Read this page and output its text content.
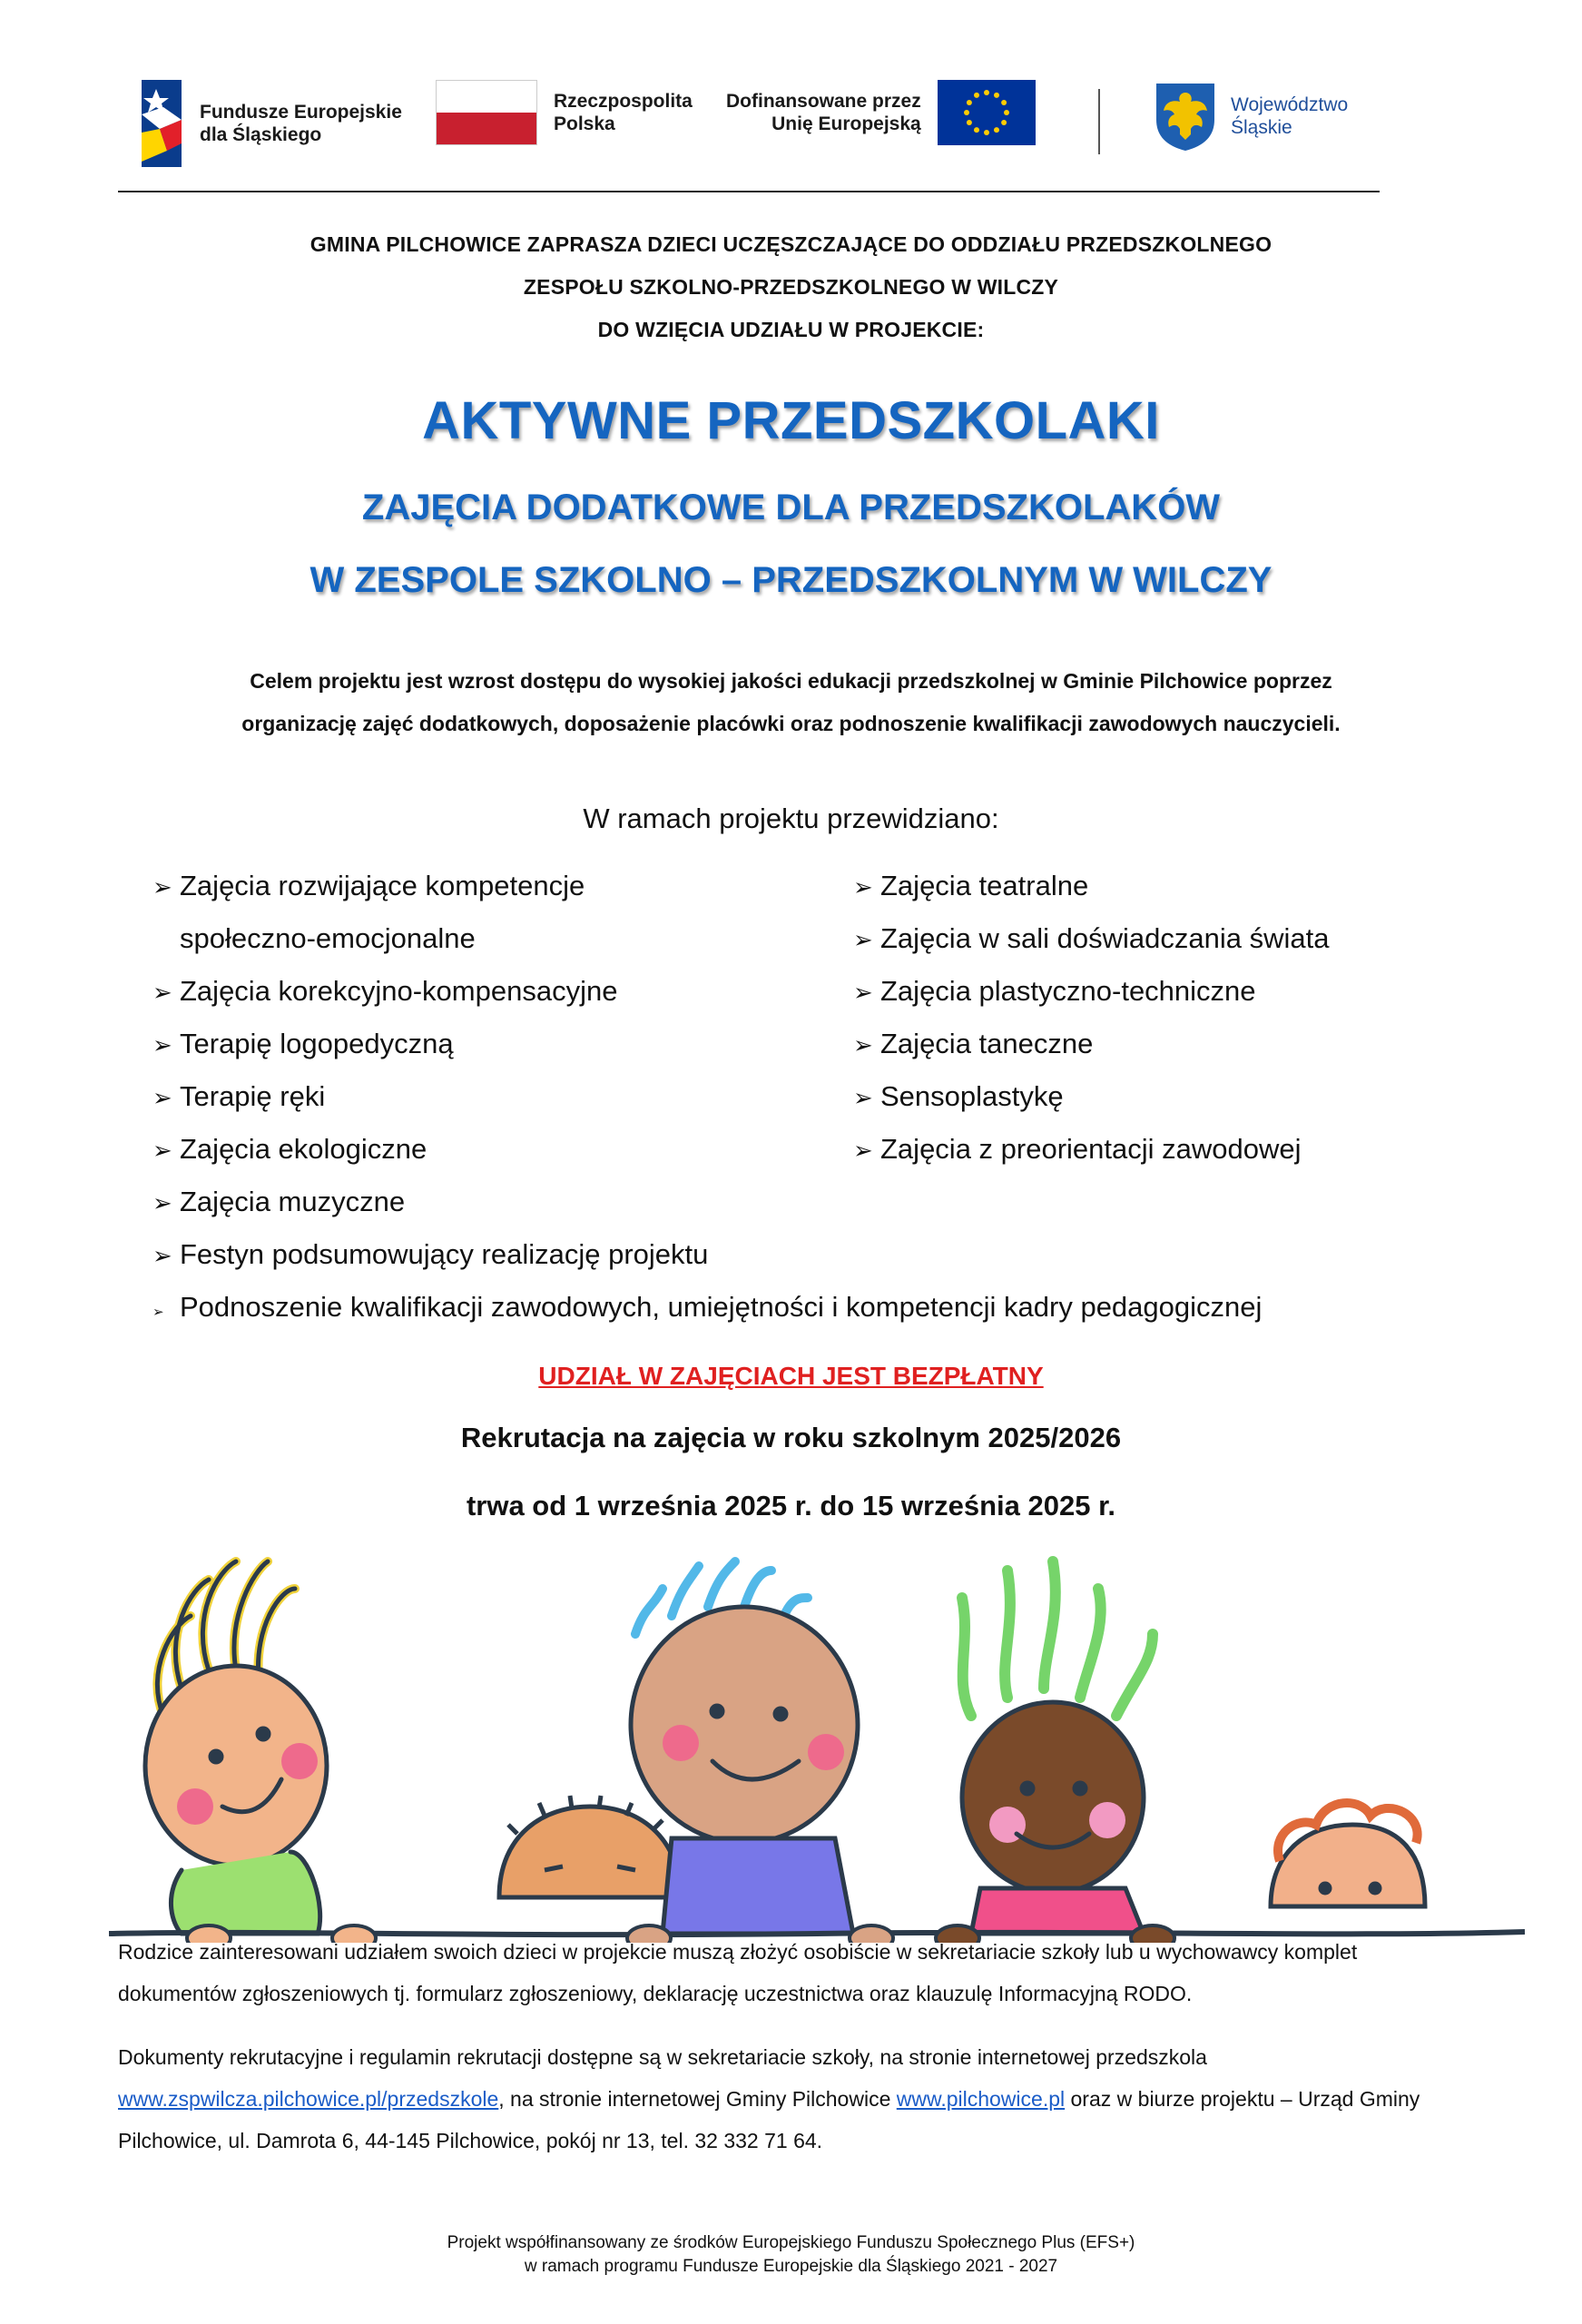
Fundusze Europejskie
dla Śląskiego
Rzeczpospolita
Polska
Dofinansowane przez
Unię Europejską
Województwo
Śląskie
GMINA PILCHOWICE ZAPRASZA DZIECI UCZĘSZCZAJĄCE DO ODDZIAŁU PRZEDSZKOLNEGO
ZESPOŁU SZKOLNO-PRZEDSZKOLNEGO W WILCZY
DO WZIĘCIA UDZIAŁU W PROJEKCIE:
AKTYWNE PRZEDSZKOLAKI
ZAJĘCIA DODATKOWE DLA PRZEDSZKOLAKÓW
W ZESPOLE SZKOLNO – PRZEDSZKOLNYM W WILCZY
Celem projektu jest wzrost dostępu do wysokiej jakości edukacji przedszkolnej w Gminie Pilchowice poprzez
organizację zajęć dodatkowych, doposażenie placówki oraz podnoszenie kwalifikacji zawodowych nauczycieli.
W ramach projektu przewidziano:
➢ Zajęcia rozwijające kompetencje
społeczno-emocjonalne
➢ Zajęcia korekcyjno-kompensacyjne
➢ Terapię logopedyczną
➢ Terapię ręki
➢ Zajęcia ekologiczne
➢ Zajęcia muzyczne
➢ Festyn podsumowujący realizację projektu
➢ Podnoszenie kwalifikacji zawodowych, umiejętności i kompetencji kadry pedagogicznej
➢ Zajęcia teatralne
➢ Zajęcia w sali doświadczania świata
➢ Zajęcia plastyczno-techniczne
➢ Zajęcia taneczne
➢ Sensoplastykę
➢ Zajęcia z preorientacji zawodowej
UDZIAŁ W ZAJĘCIACH JEST BEZPŁATNY
Rekrutacja na zajęcia w roku szkolnym 2025/2026
trwa od 1 września 2025 r. do 15 września 2025 r.
Rodzice zainteresowani udziałem swoich dzieci w projekcie muszą złożyć osobiście w sekretariacie szkoły lub u wychowawcy komplet dokumentów zgłoszeniowych tj. formularz zgłoszeniowy, deklarację uczestnictwa oraz klauzulę Informacyjną RODO.
Dokumenty rekrutacyjne i regulamin rekrutacji dostępne są w sekretariacie szkoły, na stronie internetowej przedszkola www.zspwilcza.pilchowice.pl/przedszkole, na stronie internetowej Gminy Pilchowice www.pilchowice.pl oraz w biurze projektu – Urząd Gminy Pilchowice, ul. Damrota 6, 44-145 Pilchowice, pokój nr 13, tel. 32 332 71 64.
Projekt współfinansowany ze środków Europejskiego Funduszu Społecznego Plus (EFS+)
w ramach programu Fundusze Europejskie dla Śląskiego 2021 - 2027
